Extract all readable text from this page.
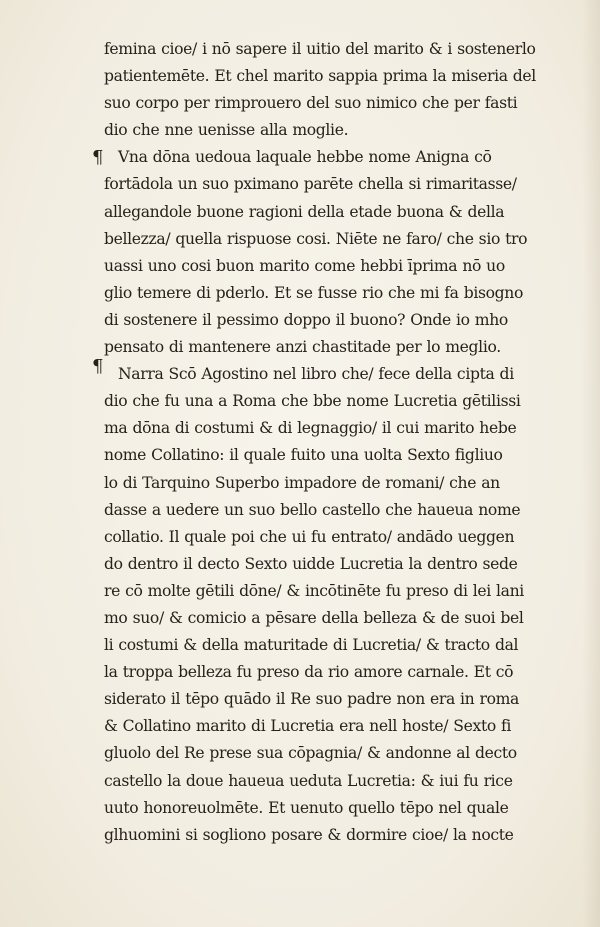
¶
¶
femina cioe/ i nō sapere il uitio del marito & i sostenerlo
patientemēte. Et chel marito sappia prima la miseria del
suo corpo per rimprouero del suo nimico che per fasti
dio che nne uenisse alla moglie.
Vna dōna uedoua laquale hebbe nome Anigna cō
fortādola un suo pximano parēte chella si rimaritasse/
allegandole buone ragioni della etade buona & della
bellezza/ quella rispuose cosi. Niēte ne faro/ che sio tro
uassi uno cosi buon marito come hebbi īprima nō uo
glio temere di pderlo. Et se fusse rio che mi fa bisogno
di sostenere il pessimo doppo il buono? Onde io mho
pensato di mantenere anzi chastitade per lo meglio.
Narra Scō Agostino nel libro che/ fece della cipta di
dio che fu una a Roma che bbe nome Lucretia gētilissi
ma dōna di costumi & di legnaggio/ il cui marito hebe
nome Collatino: il quale fuito una uolta Sexto figliuo
lo di Tarquino Superbo impadore de romani/ che an
dasse a uedere un suo bello castello che haueua nome
collatio. Il quale poi che ui fu entrato/ andādo ueggen
do dentro il decto Sexto uidde Lucretia la dentro sede
re cō molte gētili dōne/ & incōtinēte fu preso di lei lani
mo suo/ & comicio a pēsare della belleza & de suoi bel
li costumi & della maturitade di Lucretia/ & tracto dal
la troppa belleza fu preso da rio amore carnale. Et cō
siderato il tēpo quādo il Re suo padre non era in roma
& Collatino marito di Lucretia era nell hoste/ Sexto fi
gluolo del Re prese sua cōpagnia/ & andonne al decto
castello la doue haueua ueduta Lucretia: & iui fu rice
uuto honoreuolmēte. Et uenuto quello tēpo nel quale
glhuomini si sogliono posare & dormire cioe/ la nocte
